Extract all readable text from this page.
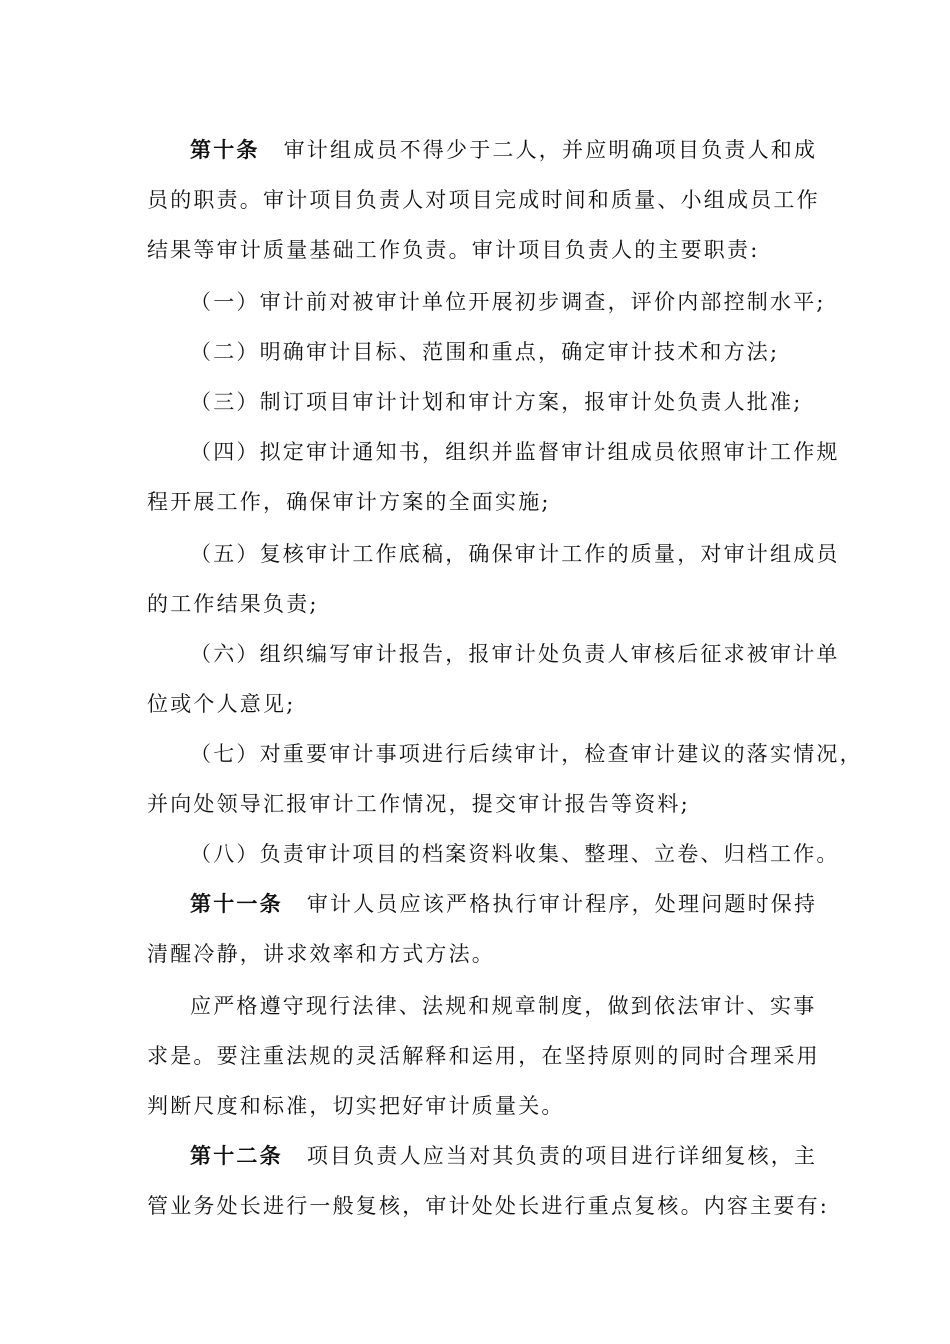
第十条 审计组成员不得少于二人，并应明确项目负责人和成
员的职责。审计项目负责人对项目完成时间和质量、小组成员工作
结果等审计质量基础工作负责。审计项目负责人的主要职责:
（一）审计前对被审计单位开展初步调查，评价内部控制水平;
（二）明确审计目标、范围和重点，确定审计技术和方法;
（三）制订项目审计计划和审计方案，报审计处负责人批准;
（四）拟定审计通知书，组织并监督审计组成员依照审计工作规
程开展工作，确保审计方案的全面实施;
（五）复核审计工作底稿，确保审计工作的质量，对审计组成员
的工作结果负责;
（六）组织编写审计报告，报审计处负责人审核后征求被审计单
位或个人意见;
（七）对重要审计事项进行后续审计，检查审计建议的落实情况，
并向处领导汇报审计工作情况，提交审计报告等资料;
（八）负责审计项目的档案资料收集、整理、立卷、归档工作。
第十一条 审计人员应该严格执行审计程序，处理问题时保持
清醒冷静，讲求效率和方式方法。
应严格遵守现行法律、法规和规章制度，做到依法审计、实事
求是。要注重法规的灵活解释和运用，在坚持原则的同时合理采用
判断尺度和标准，切实把好审计质量关。
第十二条 项目负责人应当对其负责的项目进行详细复核，主
管业务处长进行一般复核，审计处处长进行重点复核。内容主要有:
